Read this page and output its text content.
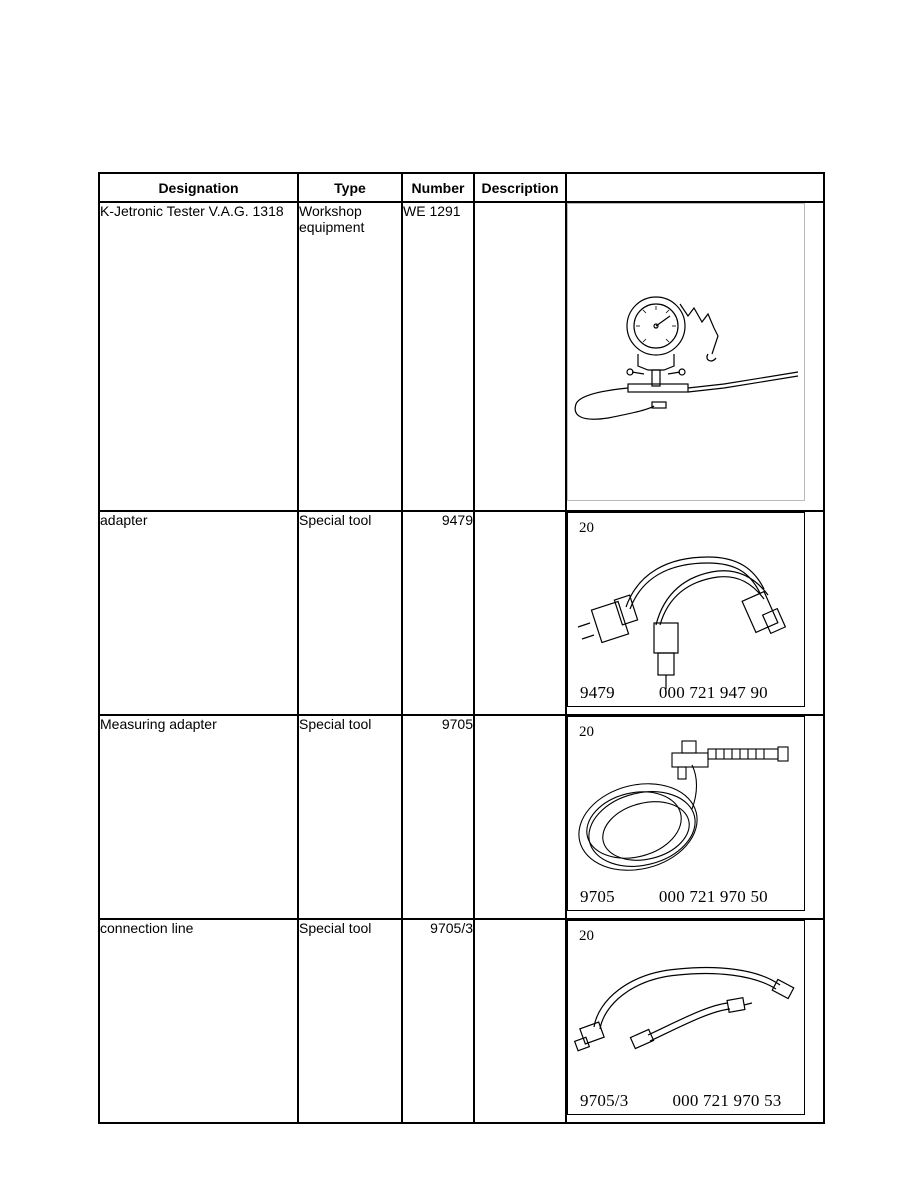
Designation	Type	Number	Description	
K-Jetronic Tester V.A.G. 1318	Workshop equipment	WE 1291		

adapter	Special tool	9479		20
9479 000 721 947 90

Measuring adapter	Special tool	9705		20
9705 000 721 970 50

connection line	Special tool	9705/3		20
9705/3 000 721 970 53
